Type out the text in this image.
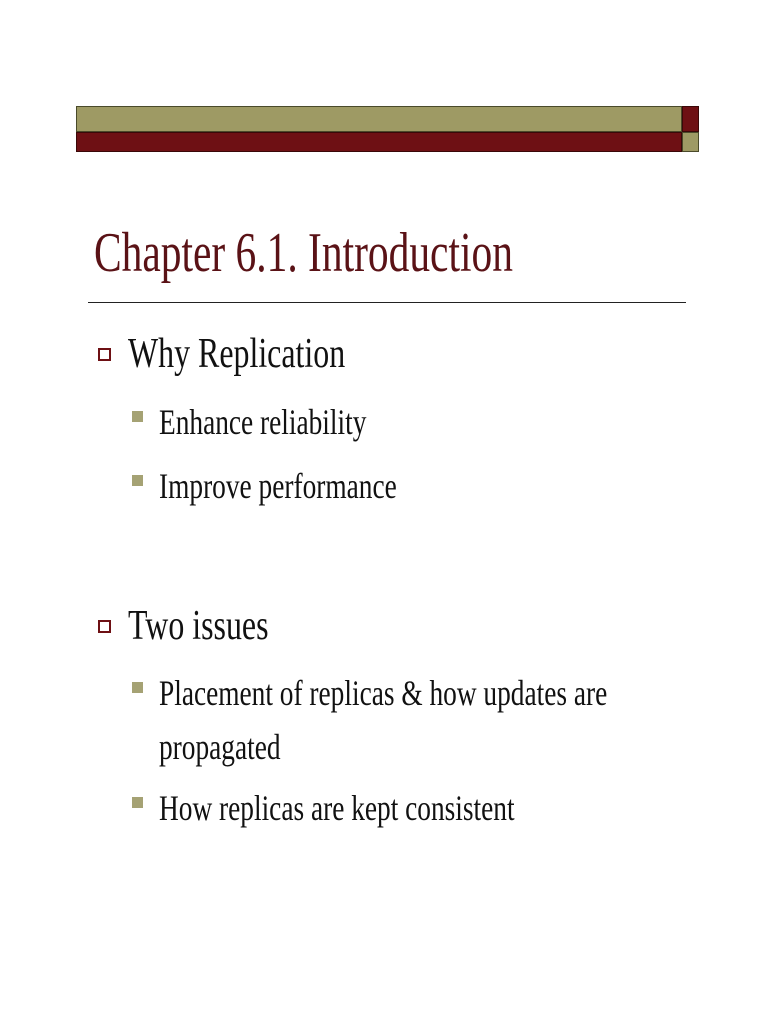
Chapter 6.1. Introduction
Why Replication
Enhance reliability
Improve performance
Two issues
Placement of replicas & how updates are propagated
How replicas are kept consistent
